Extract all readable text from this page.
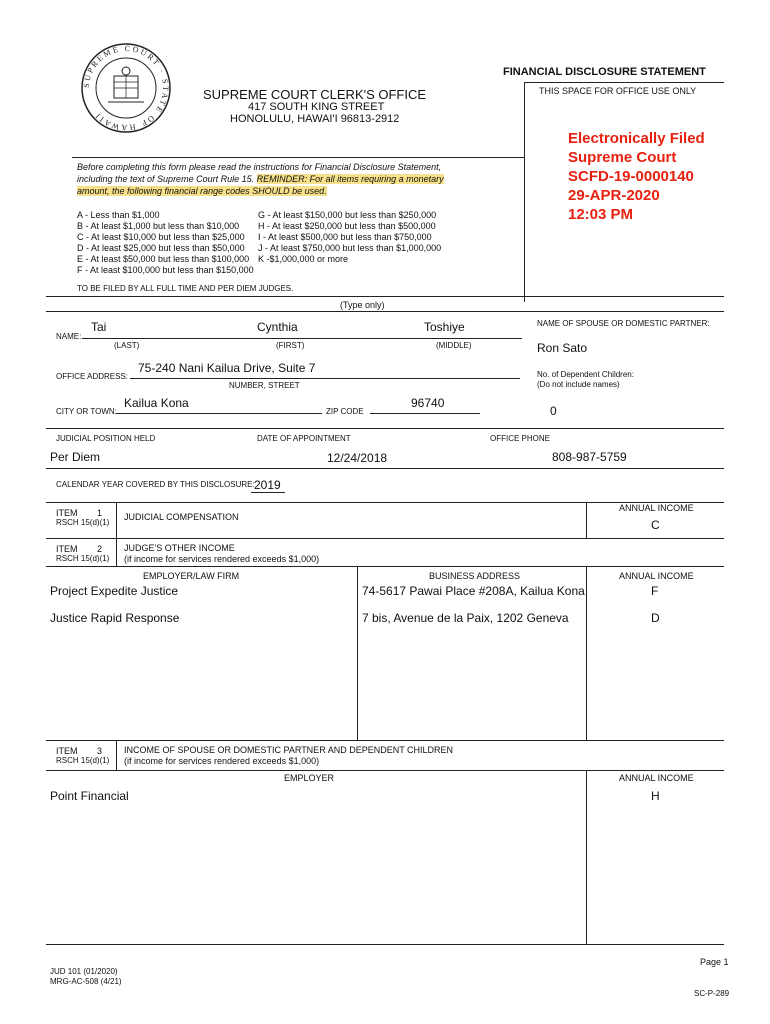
SUPREME COURT · STATE OF HAWAII
FINANCIAL DISCLOSURE STATEMENT
THIS SPACE FOR OFFICE USE ONLY
SUPREME COURT CLERK'S OFFICE
417 SOUTH KING STREET
HONOLULU, HAWAI'I 96813-2912
Electronically Filed
Supreme Court
SCFD-19-0000140
29-APR-2020
12:03 PM
Before completing this form please read the instructions for Financial Disclosure Statement,
including the text of Supreme Court Rule 15. REMINDER: For all items requiring a monetary
amount, the following financial range codes SHOULD be used.
A - Less than $1,000
B - At least $1,000 but less than $10,000
C - At least $10,000 but less than $25,000
D - At least $25,000 but less than $50,000
E - At least $50,000 but less than $100,000
F - At least $100,000 but less than $150,000
G - At least $150,000 but less than $250,000
H - At least $250,000 but less than $500,000
I - At least $500,000 but less than $750,000
J - At least $750,000 but less than $1,000,000
K -$1,000,000 or more
TO BE FILED BY ALL FULL TIME AND PER DIEM JUDGES.
(Type only)
NAME:
Tai	Cynthia	Toshiye
(LAST)	(FIRST)	(MIDDLE)
NAME OF SPOUSE OR DOMESTIC PARTNER:
Ron Sato
No. of Dependent Children:
(Do not include names)
0
OFFICE ADDRESS:
75-240 Nani Kailua Drive, Suite 7
NUMBER, STREET
CITY OR TOWN:
Kailua Kona
ZIP CODE
96740
JUDICIAL POSITION HELD	DATE OF APPOINTMENT	OFFICE PHONE
Per Diem	12/24/2018	808-987-5759
CALENDAR YEAR COVERED BY THIS DISCLOSURE: 2019
ITEM 1
RSCH 15(d)(1)
JUDICIAL COMPENSATION
ANNUAL INCOME
C
ITEM 2
RSCH 15(d)(1)
JUDGE'S OTHER INCOME
(if income for services rendered exceeds $1,000)
EMPLOYER/LAW FIRM	BUSINESS ADDRESS	ANNUAL INCOME
Project Expedite Justice	74-5617 Pawai Place #208A, Kailua Kona	F
Justice Rapid Response	7 bis, Avenue de la Paix, 1202 Geneva	D
ITEM 3
RSCH 15(d)(1)
INCOME OF SPOUSE OR DOMESTIC PARTNER AND DEPENDENT CHILDREN
(if income for services rendered exceeds $1,000)
EMPLOYER	ANNUAL INCOME
Point Financial	H
Page 1
JUD 101 (01/2020)
MRG-AC-508 (4/21)
SC-P-289
